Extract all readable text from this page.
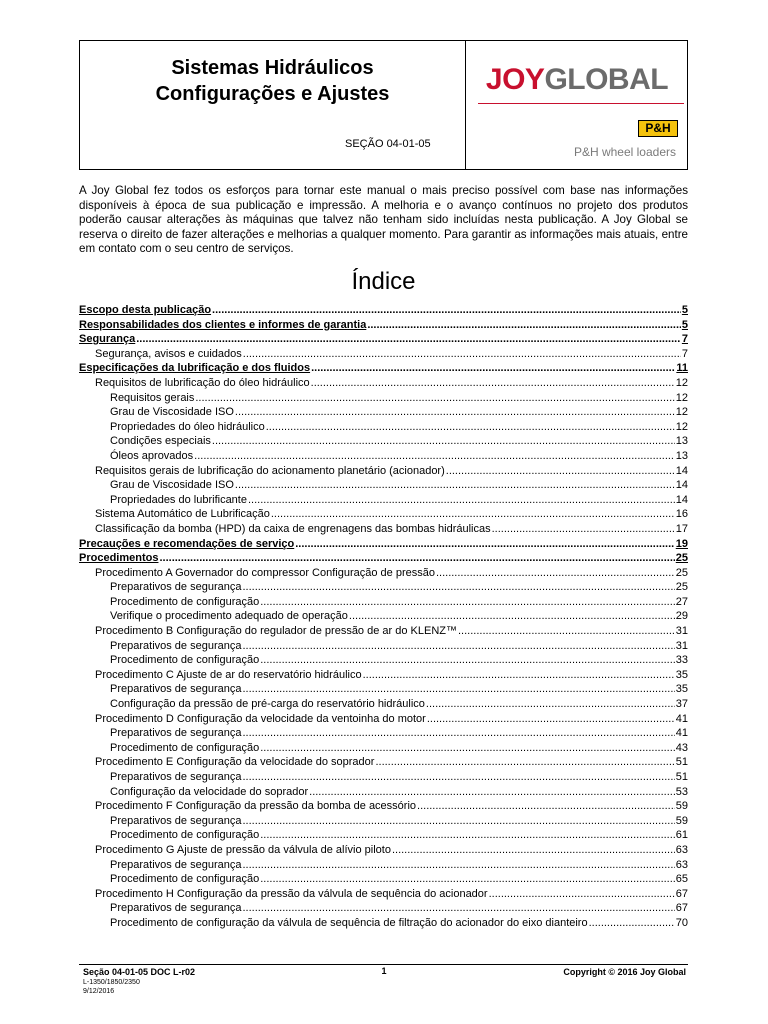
Sistemas Hidráulicos
Configurações e Ajustes
SEÇÃO 04-01-05
JOYGLOBAL
P&H
P&H wheel loaders
A Joy Global fez todos os esforços para tornar este manual o mais preciso possível com base nas informações disponíveis à época de sua publicação e impressão. A melhoria e o avanço contínuos no projeto dos produtos poderão causar alterações às máquinas que talvez não tenham sido incluídas nesta publicação. A Joy Global se reserva o direito de fazer alterações e melhorias a qualquer momento. Para garantir as informações mais atuais, entre em contato com o seu centro de serviços.
Índice
Escopo desta publicação .....	5
Responsabilidades dos clientes e informes de garantia .....	5
Segurança .....	7
Segurança, avisos e cuidados .....	7
Especificações da lubrificação e dos fluidos .....	11
Requisitos de lubrificação do óleo hidráulico .....	12
Requisitos gerais .....	12
Grau de Viscosidade ISO .....	12
Propriedades do óleo hidráulico .....	12
Condições especiais .....	13
Óleos aprovados .....	13
Requisitos gerais de lubrificação do acionamento planetário (acionador) .....	14
Grau de Viscosidade ISO .....	14
Propriedades do lubrificante .....	14
Sistema Automático de Lubrificação .....	16
Classificação da bomba (HPD) da caixa de engrenagens das bombas hidráulicas .....	17
Precauções e recomendações de serviço .....	19
Procedimentos .....	25
Procedimento A Governador do compressor Configuração de pressão .....	25
Preparativos de segurança .....	25
Procedimento de configuração .....	27
Verifique o procedimento adequado de operação .....	29
Procedimento B Configuração do regulador de pressão de ar do KLENZ™ .....	31
Preparativos de segurança .....	31
Procedimento de configuração .....	33
Procedimento C Ajuste de ar do reservatório hidráulico .....	35
Preparativos de segurança .....	35
Configuração da pressão de pré-carga do reservatório hidráulico .....	37
Procedimento D Configuração da velocidade da ventoinha do motor .....	41
Preparativos de segurança .....	41
Procedimento de configuração .....	43
Procedimento E Configuração da velocidade do soprador .....	51
Preparativos de segurança .....	51
Configuração da velocidade do soprador .....	53
Procedimento F Configuração da pressão da bomba de acessório .....	59
Preparativos de segurança .....	59
Procedimento de configuração .....	61
Procedimento G Ajuste de pressão da válvula de alívio piloto .....	63
Preparativos de segurança .....	63
Procedimento de configuração .....	65
Procedimento H Configuração da pressão da válvula de sequência do acionador .....	67
Preparativos de segurança .....	67
Procedimento de configuração da válvula de sequência de filtração do acionador do eixo dianteiro .....	70
Seção 04-01-05 DOC L-r02	1	Copyright © 2016 Joy Global
L-1350/1850/2350
9/12/2016
